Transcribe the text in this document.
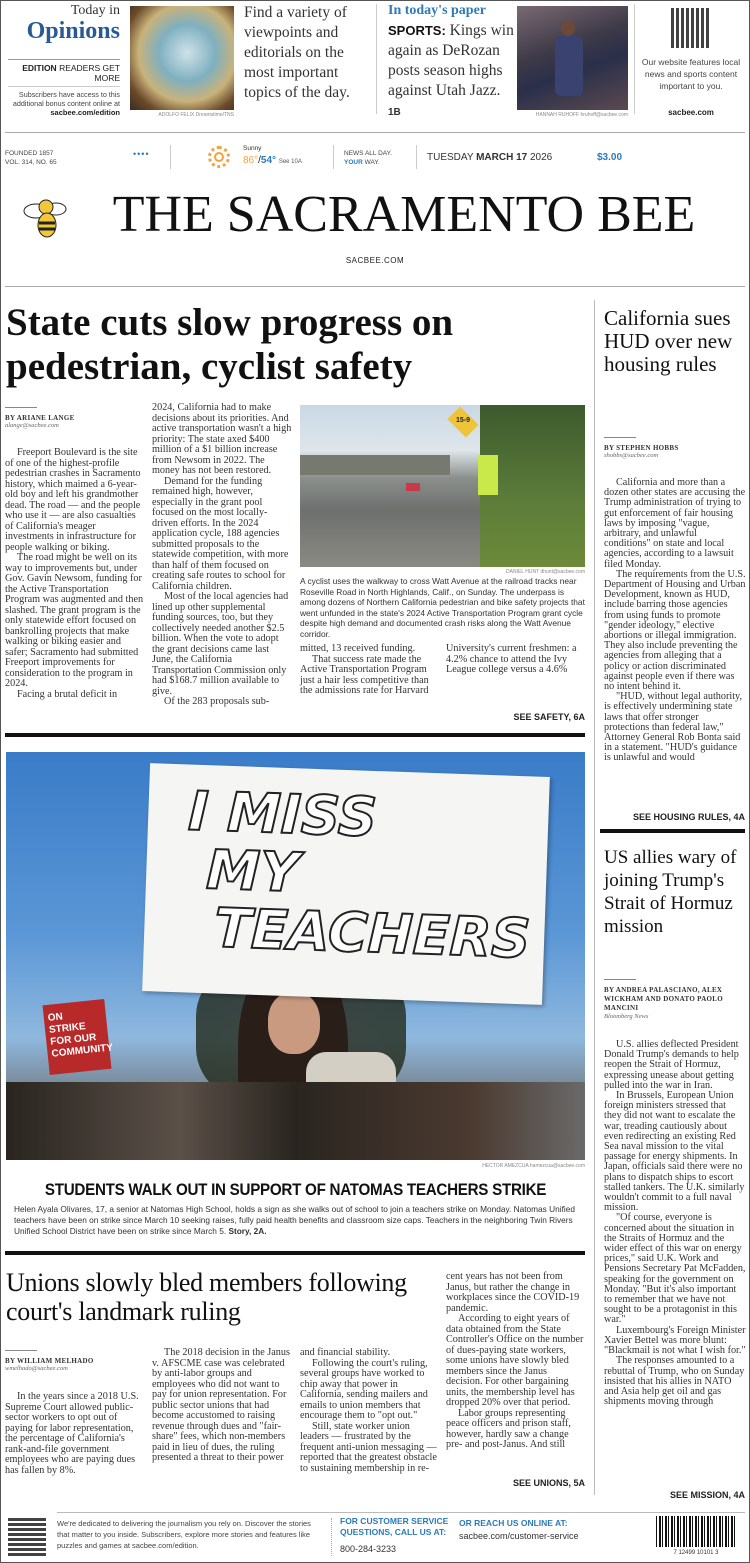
Today in
Opinions
EDITION READERS GET MORE
Subscribers have access to this additional bonus content online at
sacbee.com/edition	ADOLFO FELIX Dreamstime/TNS
Find a variety of viewpoints and editorials on the most important topics of the day.
In today's paper
SPORTS: Kings win again as DeRozan posts season highs against Utah Jazz. 1B	HANNAH RUHOFF hruhoff@sacbee.com
Our website features local news and sports content important to you.
sacbee.com
FOUNDED 1857
VOL. 314, NO. 65
••••
Sunny
86°/54° See 10A
NEWS ALL DAY.
YOUR WAY.	TUESDAY MARCH 17 2026	$3.00
THE SACRAMENTO BEE
SACBEE.COM
State cuts slow progress on pedestrian, cyclist safety
BY ARIANE LANGE
alange@sacbee.com

Freeport Boulevard is the site of one of the highest-profile pedestrian crashes in Sacramento history, which maimed a 6-year-old boy and left his grandmother dead. The road — and the people who use it — are also casualties of California's meager investments in infrastructure for people walking or biking.

The road might be well on its way to improvements but, under Gov. Gavin Newsom, funding for the Active Transportation Program was augmented and then slashed. The grant program is the only statewide effort focused on bankrolling projects that make walking or biking easier and safer; Sacramento had submitted Freeport improvements for consideration to the program in 2024.

Facing a brutal deficit in

2024, California had to make decisions about its priorities. And active transportation wasn't a high priority: The state axed $400 million of a $1 billion increase from Newsom in 2022. The money has not been restored.

Demand for the funding remained high, however, especially in the grant pool focused on the most locally-driven efforts. In the 2024 application cycle, 188 agencies submitted proposals to the statewide competition, with more than half of them focused on creating safe routes to school for California children.

Most of the local agencies had lined up other supplemental funding sources, too, but they collectively needed another $2.5 billion. When the vote to adopt the grant decisions came last June, the California Transportation Commission only had $168.7 million available to give.

Of the 283 proposals sub-

15-9
DANIEL HUNT dhunt@sacbee.com
A cyclist uses the walkway to cross Watt Avenue at the railroad tracks near Roseville Road in North Highlands, Calif., on Sunday. The underpass is among dozens of Northern California pedestrian and bike safety projects that went unfunded in the state's 2024 Active Transportation Program grant cycle despite high demand and documented crash risks along the Watt Avenue corridor.

mitted, 13 received funding.

That success rate made the Active Transportation Program just a hair less competitive than the admissions rate for Harvard

University's current freshmen: a 4.2% chance to attend the Ivy League college versus a 4.6%

SEE SAFETY, 6A
I MISS
MY
TEACHERS
ON STRIKE FOR OUR COMMUNITY
HECTOR AMEZCUA hamezcua@sacbee.com
STUDENTS WALK OUT IN SUPPORT OF NATOMAS TEACHERS STRIKE
Helen Ayala Olivares, 17, a senior at Natomas High School, holds a sign as she walks out of school to join a teachers strike on Monday. Natomas Unified teachers have been on strike since March 10 seeking raises, fully paid health benefits and classroom size caps. Teachers in the neighboring Twin Rivers Unified School District have been on strike since March 5. Story, 2A.
Unions slowly bled members following court's landmark ruling
BY WILLIAM MELHADO
wmelhado@sacbee.com

In the years since a 2018 U.S. Supreme Court allowed public-sector workers to opt out of paying for labor representation, the percentage of California's rank-and-file government employees who are paying dues has fallen by 8%.

The 2018 decision in the Janus v. AFSCME case was celebrated by anti-labor groups and employees who did not want to pay for union representation. For public sector unions that had become accustomed to raising revenue through dues and "fair-share" fees, which non-members paid in lieu of dues, the ruling presented a threat to their power

and financial stability.

Following the court's ruling, several groups have worked to chip away that power in California, sending mailers and emails to union members that encourage them to "opt out."

Still, state worker union leaders — frustrated by the frequent anti-union messaging — reported that the greatest obstacle to sustaining membership in re-

cent years has not been from Janus, but rather the change in workplaces since the COVID-19 pandemic.

According to eight years of data obtained from the State Controller's Office on the number of dues-paying state workers, some unions have slowly bled members since the Janus decision. For other bargaining units, the membership level has dropped 20% over that period.

Labor groups representing peace officers and prison staff, however, hardly saw a change pre- and post-Janus. And still

SEE UNIONS, 5A
California sues HUD over new housing rules
BY STEPHEN HOBBS
shobbs@sacbee.com

California and more than a dozen other states are accusing the Trump administration of trying to gut enforcement of fair housing laws by imposing "vague, arbitrary, and unlawful conditions" on state and local agencies, according to a lawsuit filed Monday.

The requirements from the U.S. Department of Housing and Urban Development, known as HUD, include barring those agencies from using funds to promote "gender ideology," elective abortions or illegal immigration. They also include preventing the agencies from alleging that a policy or action discriminated against people even if there was no intent behind it.

"HUD, without legal authority, is effectively undermining state laws that offer stronger protections than federal law," Attorney General Rob Bonta said in a statement. "HUD's guidance is unlawful and would

SEE HOUSING RULES, 4A
US allies wary of joining Trump's Strait of Hormuz mission
BY ANDREA PALASCIANO, ALEX WICKHAM AND DONATO PAOLO MANCINI
Bloomberg News

U.S. allies deflected President Donald Trump's demands to help reopen the Strait of Hormuz, expressing unease about getting pulled into the war in Iran.

In Brussels, European Union foreign ministers stressed that they did not want to escalate the war, treading cautiously about even redirecting an existing Red Sea naval mission to the vital passage for energy shipments. In Japan, officials said there were no plans to dispatch ships to escort stalled tankers. The U.K. similarly wouldn't commit to a full naval mission.

"Of course, everyone is concerned about the situation in the Straits of Hormuz and the wider effect of this war on energy prices," said U.K. Work and Pensions Secretary Pat McFadden, speaking for the government on Monday. "But it's also important to remember that we have not sought to be a protagonist in this war."

Luxembourg's Foreign Minister Xavier Bettel was more blunt: "Blackmail is not what I wish for."

The responses amounted to a rebuttal of Trump, who on Sunday insisted that his allies in NATO and Asia help get oil and gas shipments moving through

SEE MISSION, 4A
We're dedicated to delivering the journalism you rely on. Discover the stories that matter to you inside. Subscribers, explore more stories and features like puzzles and games at sacbee.com/edition.
FOR CUSTOMER SERVICE QUESTIONS, CALL US AT:
800-284-3233
OR REACH US ONLINE AT:
sacbee.com/customer-service
7 12499 10101 3
